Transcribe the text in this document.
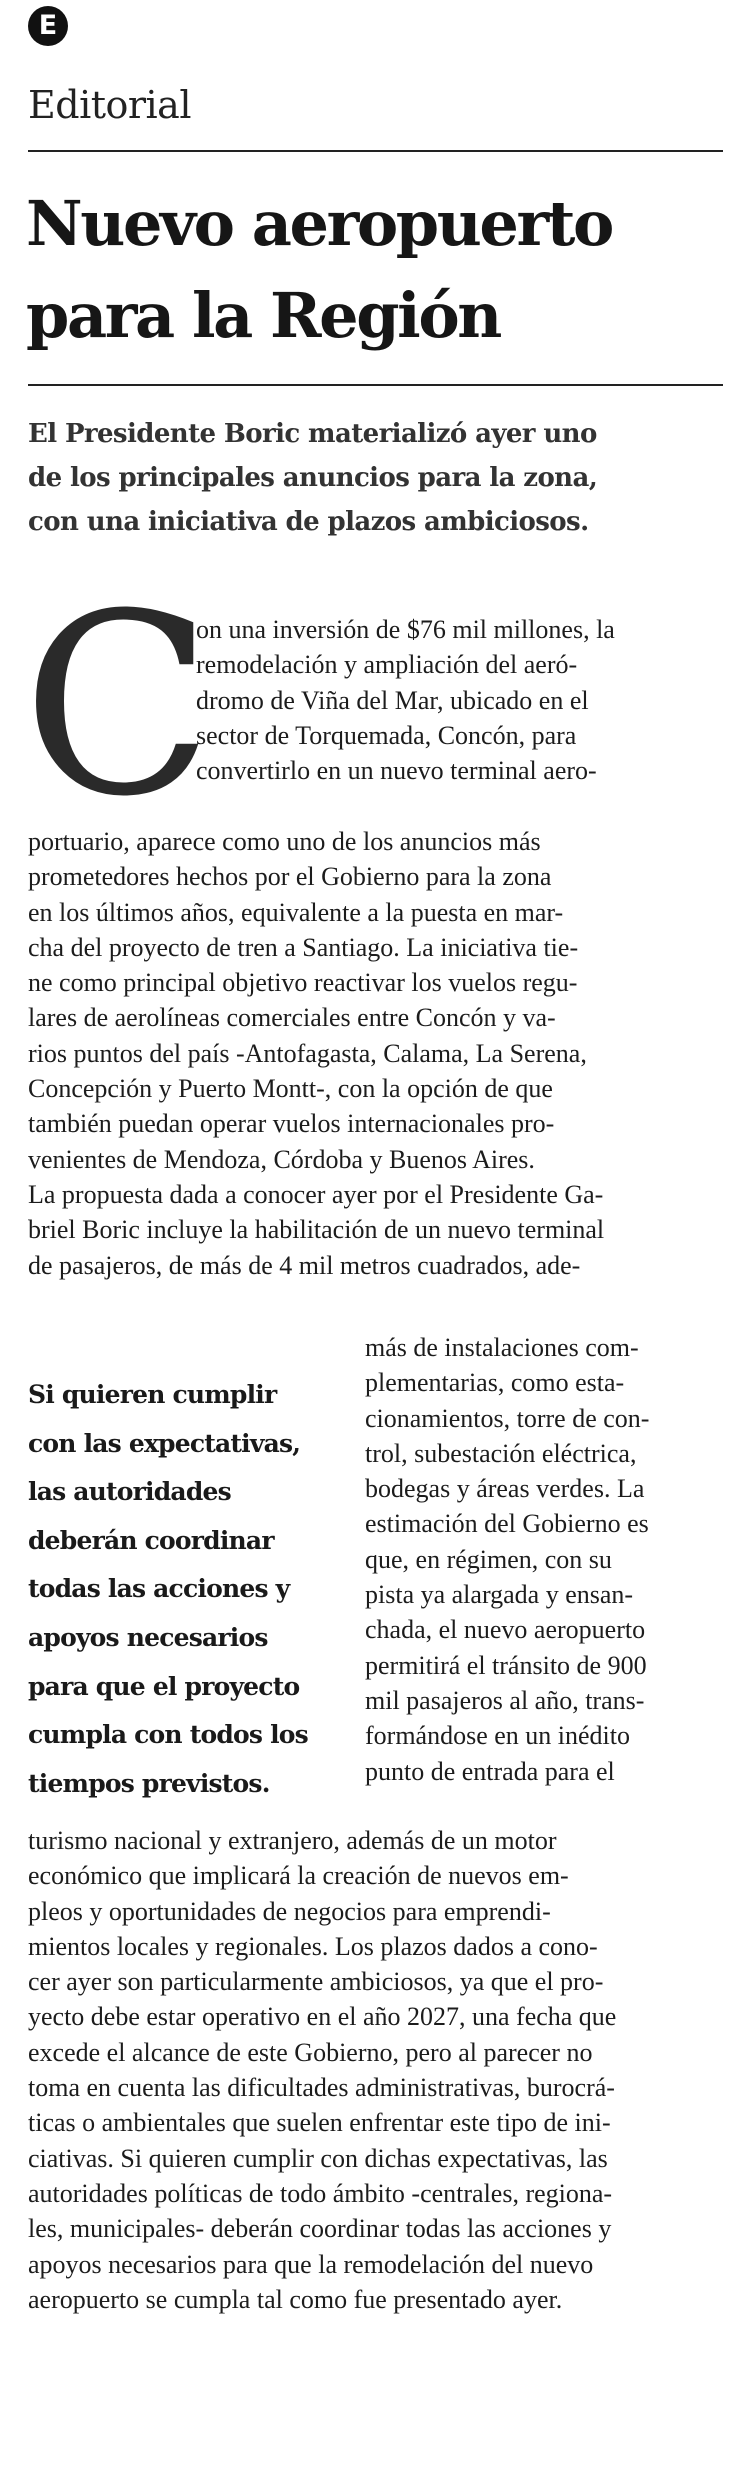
E
Editorial
Nuevo aeropuerto
para la Región
El Presidente Boric materializó ayer uno
de los principales anuncios para la zona,
con una iniciativa de plazos ambiciosos.
C
on una inversión de $76 mil millones, la
remodelación y ampliación del aeró-
dromo de Viña del Mar, ubicado en el
sector de Torquemada, Concón, para
convertirlo en un nuevo terminal aero-
portuario, aparece como uno de los anuncios más
prometedores hechos por el Gobierno para la zona
en los últimos años, equivalente a la puesta en mar-
cha del proyecto de tren a Santiago. La iniciativa tie-
ne como principal objetivo reactivar los vuelos regu-
lares de aerolíneas comerciales entre Concón y va-
rios puntos del país -Antofagasta, Calama, La Serena,
Concepción y Puerto Montt-, con la opción de que
también puedan operar vuelos internacionales pro-
venientes de Mendoza, Córdoba y Buenos Aires.
La propuesta dada a conocer ayer por el Presidente Ga-
briel Boric incluye la habilitación de un nuevo terminal
de pasajeros, de más de 4 mil metros cuadrados, ade-
Si quieren cumplir
con las expectativas,
las autoridades
deberán coordinar
todas las acciones y
apoyos necesarios
para que el proyecto
cumpla con todos los
tiempos previstos.
más de instalaciones com-
plementarias, como esta-
cionamientos, torre de con-
trol, subestación eléctrica,
bodegas y áreas verdes. La
estimación del Gobierno es
que, en régimen, con su
pista ya alargada y ensan-
chada, el nuevo aeropuerto
permitirá el tránsito de 900
mil pasajeros al año, trans-
formándose en un inédito
punto de entrada para el
turismo nacional y extranjero, además de un motor
económico que implicará la creación de nuevos em-
pleos y oportunidades de negocios para emprendi-
mientos locales y regionales. Los plazos dados a cono-
cer ayer son particularmente ambiciosos, ya que el pro-
yecto debe estar operativo en el año 2027, una fecha que
excede el alcance de este Gobierno, pero al parecer no
toma en cuenta las dificultades administrativas, burocrá-
ticas o ambientales que suelen enfrentar este tipo de ini-
ciativas. Si quieren cumplir con dichas expectativas, las
autoridades políticas de todo ámbito -centrales, regiona-
les, municipales- deberán coordinar todas las acciones y
apoyos necesarios para que la remodelación del nuevo
aeropuerto se cumpla tal como fue presentado ayer.
